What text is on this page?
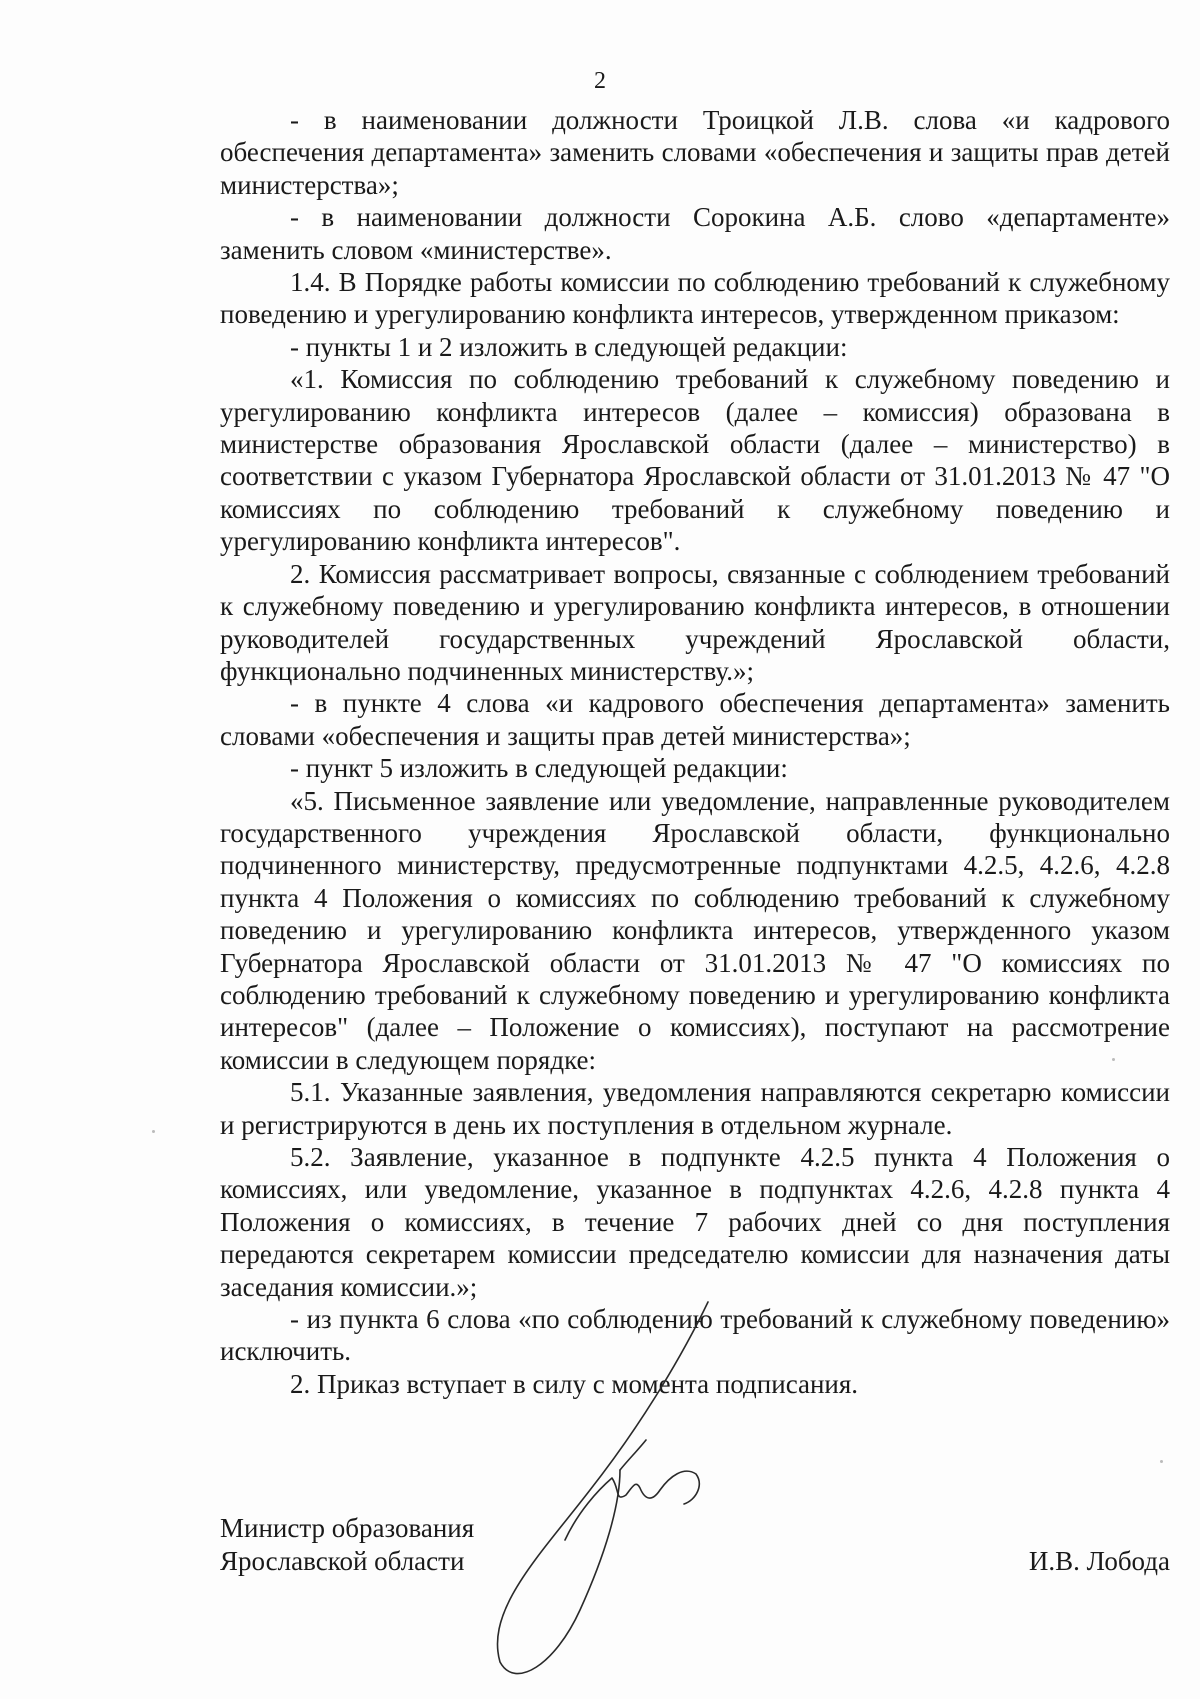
2

- в наименовании должности Троицкой Л.В. слова «и кадрового обеспечения департамента» заменить словами «обеспечения и защиты прав детей министерства»;

- в наименовании должности Сорокина А.Б. слово «департаменте» заменить словом «министерстве».

1.4. В Порядке работы комиссии по соблюдению требований к служебному поведению и урегулированию конфликта интересов, утвержденном приказом:

- пункты 1 и 2 изложить в следующей редакции:

«1. Комиссия по соблюдению требований к служебному поведению и урегулированию конфликта интересов (далее – комиссия) образована в министерстве образования Ярославской области (далее – министерство) в соответствии с указом Губернатора Ярославской области от 31.01.2013 № 47 "О комиссиях по соблюдению требований к служебному поведению и урегулированию конфликта интересов".

2. Комиссия рассматривает вопросы, связанные с соблюдением требований к служебному поведению и урегулированию конфликта интересов, в отношении руководителей государственных учреждений Ярославской области, функционально подчиненных министерству.»;

- в пункте 4 слова «и кадрового обеспечения департамента» заменить словами «обеспечения и защиты прав детей министерства»;

- пункт 5 изложить в следующей редакции:

«5. Письменное заявление или уведомление, направленные руководителем государственного учреждения Ярославской области, функционально подчиненного министерству, предусмотренные подпунктами 4.2.5, 4.2.6, 4.2.8 пункта 4 Положения о комиссиях по соблюдению требований к служебному поведению и урегулированию конфликта интересов, утвержденного указом Губернатора Ярославской области от 31.01.2013 № 47 "О комиссиях по соблюдению требований к служебному поведению и урегулированию конфликта интересов" (далее – Положение о комиссиях), поступают на рассмотрение комиссии в следующем порядке:

5.1. Указанные заявления, уведомления направляются секретарю комиссии и регистрируются в день их поступления в отдельном журнале.

5.2. Заявление, указанное в подпункте 4.2.5 пункта 4 Положения о комиссиях, или уведомление, указанное в подпунктах 4.2.6, 4.2.8 пункта 4 Положения о комиссиях, в течение 7 рабочих дней со дня поступления передаются секретарем комиссии председателю комиссии для назначения даты заседания комиссии.»;

- из пункта 6 слова «по соблюдению требований к служебному поведению» исключить.

2. Приказ вступает в силу с момента подписания.

Министр образования
Ярославской области	И.В. Лобода
